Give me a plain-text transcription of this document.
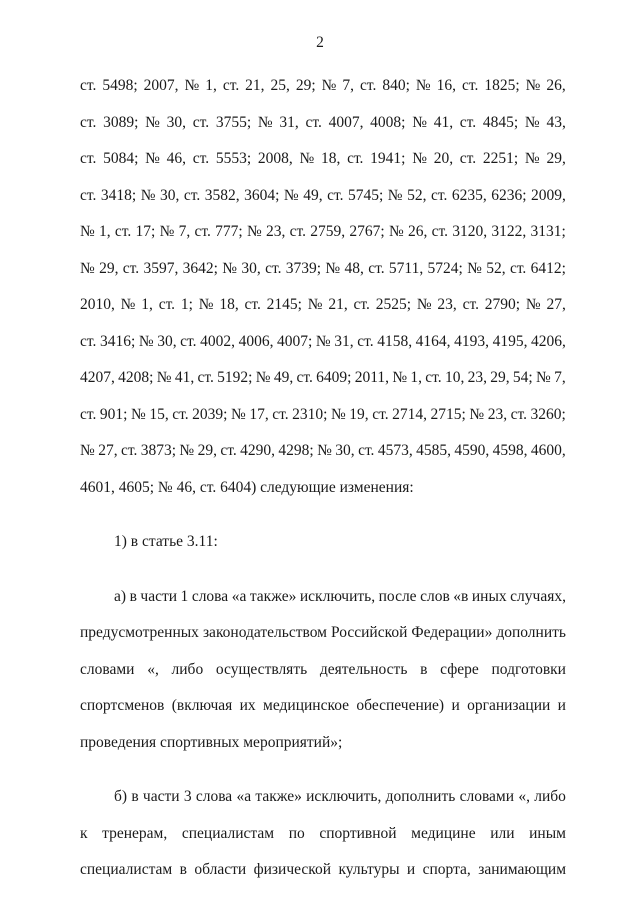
2
ст. 5498; 2007, № 1, ст. 21, 25, 29; № 7, ст. 840; № 16, ст. 1825; № 26,
ст. 3089; № 30, ст. 3755; № 31, ст. 4007, 4008; № 41, ст. 4845; № 43,
ст. 5084; № 46, ст. 5553; 2008, № 18, ст. 1941; № 20, ст. 2251; № 29,
ст. 3418; № 30, ст. 3582, 3604; № 49, ст. 5745; № 52, ст. 6235, 6236; 2009,
№ 1, ст. 17; № 7, ст. 777; № 23, ст. 2759, 2767; № 26, ст. 3120, 3122, 3131;
№ 29, ст. 3597, 3642; № 30, ст. 3739; № 48, ст. 5711, 5724; № 52, ст. 6412;
2010, № 1, ст. 1; № 18, ст. 2145; № 21, ст. 2525; № 23, ст. 2790; № 27,
ст. 3416; № 30, ст. 4002, 4006, 4007; № 31, ст. 4158, 4164, 4193, 4195, 4206,
4207, 4208; № 41, ст. 5192; № 49, ст. 6409; 2011, № 1, ст. 10, 23, 29, 54; № 7,
ст. 901; № 15, ст. 2039; № 17, ст. 2310; № 19, ст. 2714, 2715; № 23, ст. 3260;
№ 27, ст. 3873; № 29, ст. 4290, 4298; № 30, ст. 4573, 4585, 4590, 4598, 4600,
4601, 4605; № 46, ст. 6404) следующие изменения:
1) в статье 3.11:
а) в части 1 слова «а также» исключить, после слов «в иных случаях,
предусмотренных законодательством Российской Федерации» дополнить
словами «, либо осуществлять деятельность в сфере подготовки
спортсменов (включая их медицинское обеспечение) и организации и
проведения спортивных мероприятий»;
б) в части 3 слова «а также» исключить, дополнить словами «, либо
к тренерам, специалистам по спортивной медицине или иным
специалистам в области физической культуры и спорта, занимающим
